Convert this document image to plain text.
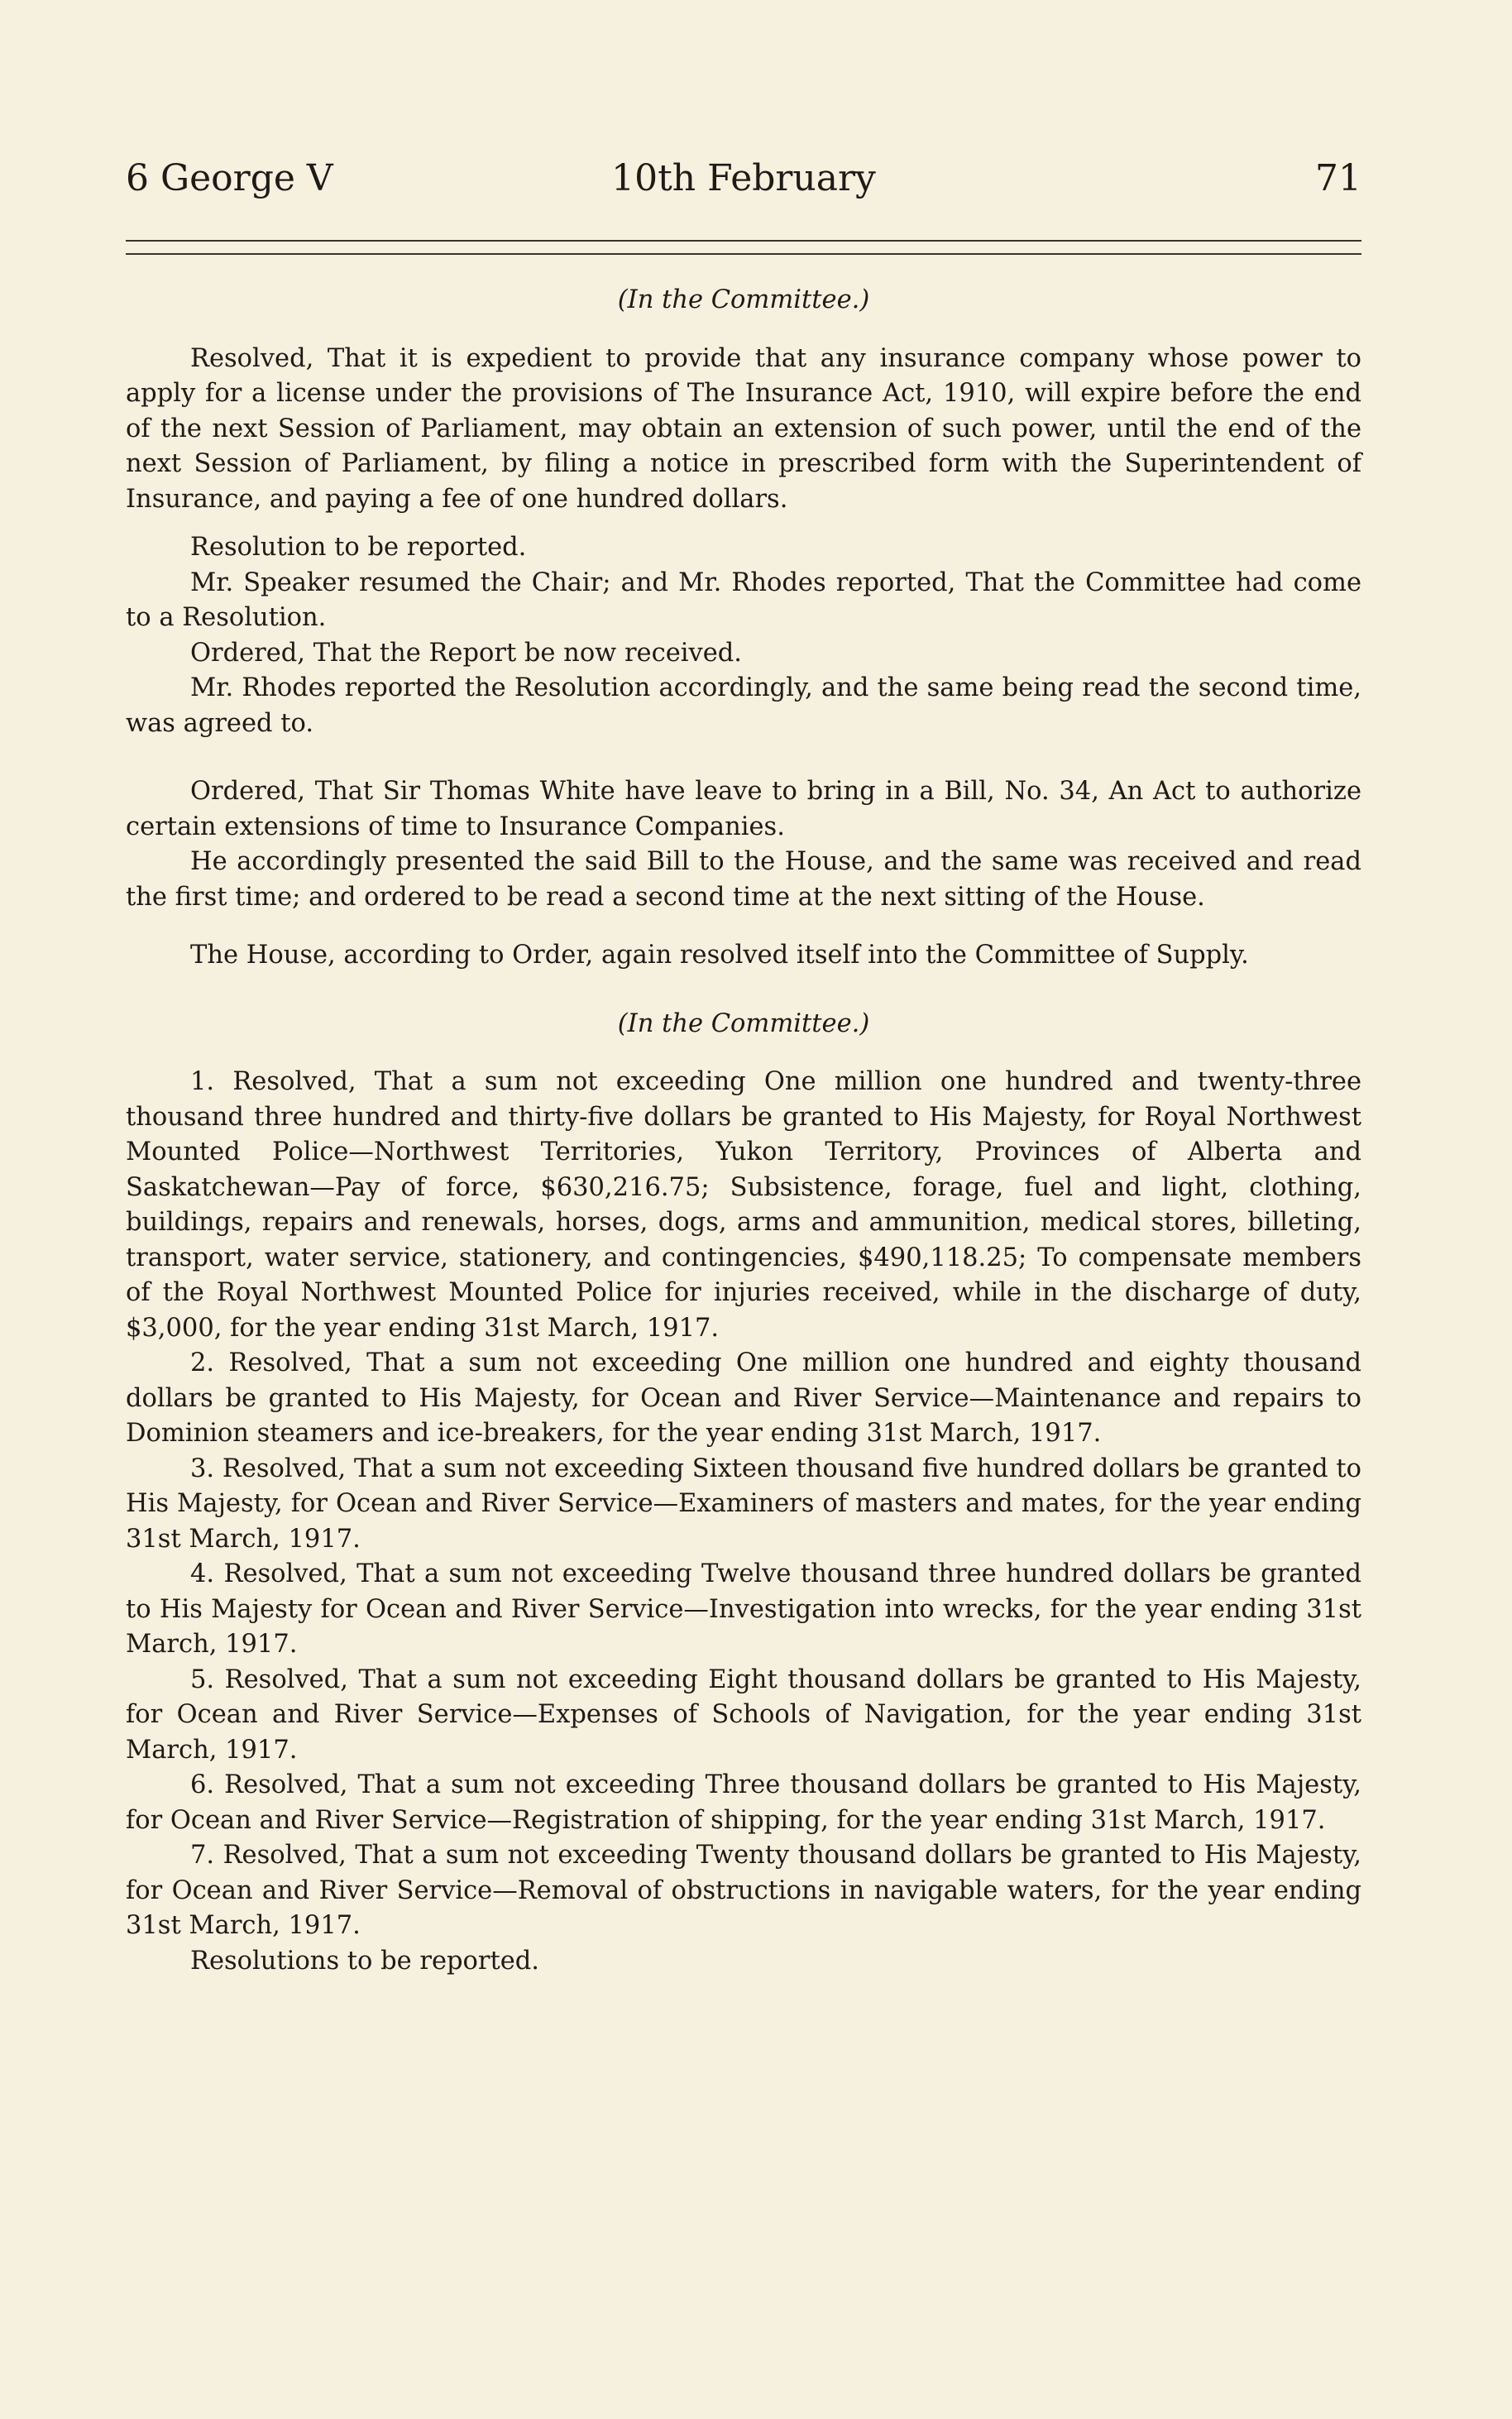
6 George V	10th February	71

(In the Committee.)

Resolved, That it is expedient to provide that any insurance company whose power to apply for a license under the provisions of The Insurance Act, 1910, will expire before the end of the next Session of Parliament, may obtain an extension of such power, until the end of the next Session of Parliament, by filing a notice in prescribed form with the Superintendent of Insurance, and paying a fee of one hundred dollars.

Resolution to be reported.

Mr. Speaker resumed the Chair; and Mr. Rhodes reported, That the Committee had come to a Resolution.

Ordered, That the Report be now received.

Mr. Rhodes reported the Resolution accordingly, and the same being read the second time, was agreed to.

Ordered, That Sir Thomas White have leave to bring in a Bill, No. 34, An Act to authorize certain extensions of time to Insurance Companies.

He accordingly presented the said Bill to the House, and the same was received and read the first time; and ordered to be read a second time at the next sitting of the House.

The House, according to Order, again resolved itself into the Committee of Supply.

(In the Committee.)

1. Resolved, That a sum not exceeding One million one hundred and twenty-three thousand three hundred and thirty-five dollars be granted to His Majesty, for Royal Northwest Mounted Police—Northwest Territories, Yukon Territory, Provinces of Alberta and Saskatchewan—Pay of force, $630,216.75; Subsistence, forage, fuel and light, clothing, buildings, repairs and renewals, horses, dogs, arms and ammunition, medical stores, billeting, transport, water service, stationery, and contingencies, $490,118.25; To compensate members of the Royal Northwest Mounted Police for injuries received, while in the discharge of duty, $3,000, for the year ending 31st March, 1917.

2. Resolved, That a sum not exceeding One million one hundred and eighty thousand dollars be granted to His Majesty, for Ocean and River Service—Maintenance and repairs to Dominion steamers and ice-breakers, for the year ending 31st March, 1917.

3. Resolved, That a sum not exceeding Sixteen thousand five hundred dollars be granted to His Majesty, for Ocean and River Service—Examiners of masters and mates, for the year ending 31st March, 1917.

4. Resolved, That a sum not exceeding Twelve thousand three hundred dollars be granted to His Majesty for Ocean and River Service—Investigation into wrecks, for the year ending 31st March, 1917.

5. Resolved, That a sum not exceeding Eight thousand dollars be granted to His Majesty, for Ocean and River Service—Expenses of Schools of Navigation, for the year ending 31st March, 1917.

6. Resolved, That a sum not exceeding Three thousand dollars be granted to His Majesty, for Ocean and River Service—Registration of shipping, for the year ending 31st March, 1917.

7. Resolved, That a sum not exceeding Twenty thousand dollars be granted to His Majesty, for Ocean and River Service—Removal of obstructions in navigable waters, for the year ending 31st March, 1917.

Resolutions to be reported.
